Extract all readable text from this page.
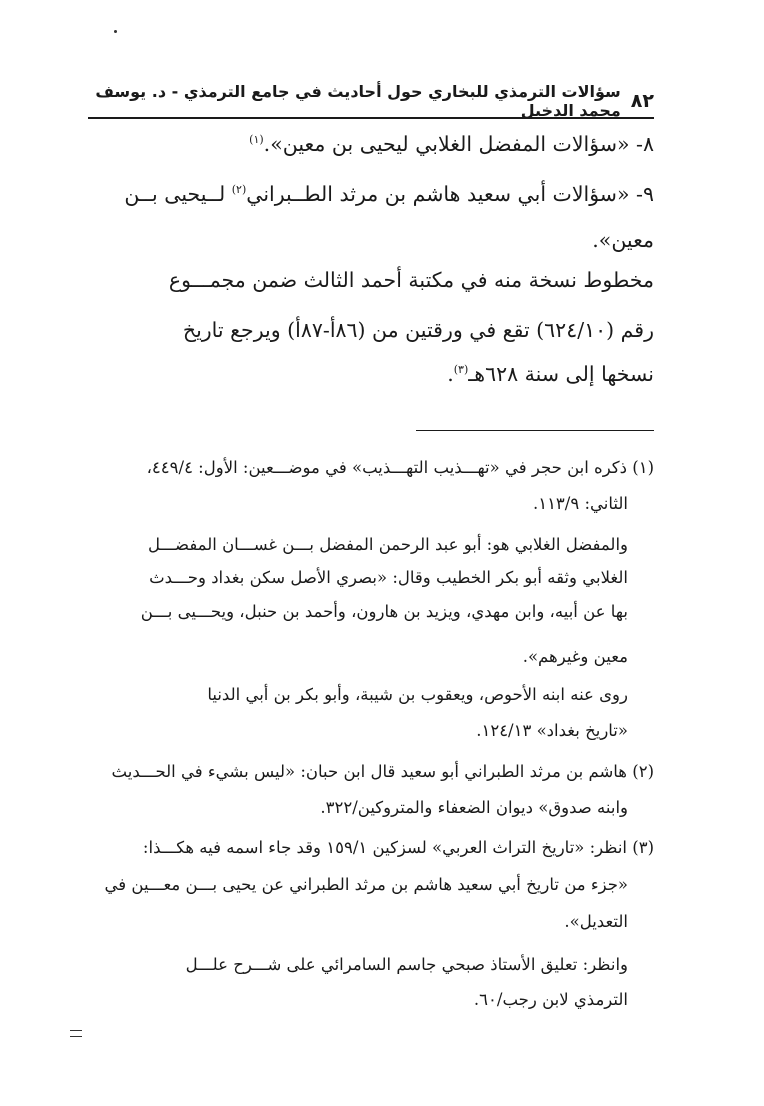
٨٢
سؤالات الترمذي للبخاري حول أحاديث في جامع الترمذي - د. يوسف محمد الدخيل
٨- «سؤالات المفضل الغلابي ليحيى بن معين».$^{(١)}$
٩- «سؤالات أبي سعيد هاشم بن مرثد الطــبراني$^{(٢)}$ لــيحيى بــن
معين».
مخطوط نسخة منه في مكتبة أحمد الثالث ضمن مجمـــوع
رقم (٦٢٤/١٠) تقع في ورقتين من (٨٦أ-٨٧أ) ويرجع تاريخ
نسخها إلى سنة ٦٢٨هـ$^{(٣)}$.
(١) ذكره ابن حجر في «تهـــذيب التهـــذيب» في موضـــعين: الأول: ٤٤٩/٤،
الثاني: ١١٣/٩.
والمفضل الغلابي هو: أبو عبد الرحمن المفضل بـــن غســـان المفضـــل
الغلابي وثقه أبو بكر الخطيب وقال: «بصري الأصل سكن بغداد وحـــدث
بها عن أبيه، وابن مهدي، ويزيد بن هارون، وأحمد بن حنبل، ويحـــيى بـــن
معين وغيرهم».
روى عنه ابنه الأحوص، ويعقوب بن شيبة، وأبو بكر بن أبي الدنيا
«تاريخ بغداد» ١٢٤/١٣.
(٢) هاشم بن مرثد الطبراني أبو سعيد قال ابن حبان: «ليس بشيء في الحـــديث
وابنه صدوق» ديوان الضعفاء والمتروكين/٣٢٢.
(٣) انظر: «تاريخ التراث العربي» لسزكين ١٥٩/١ وقد جاء اسمه فيه هكـــذا:
«جزء من تاريخ أبي سعيد هاشم بن مرثد الطبراني عن يحيى بـــن معـــين في
التعديل».
وانظر: تعليق الأستاذ صبحي جاسم السامرائي على شـــرح علـــل
الترمذي لابن رجب/٦٠.
